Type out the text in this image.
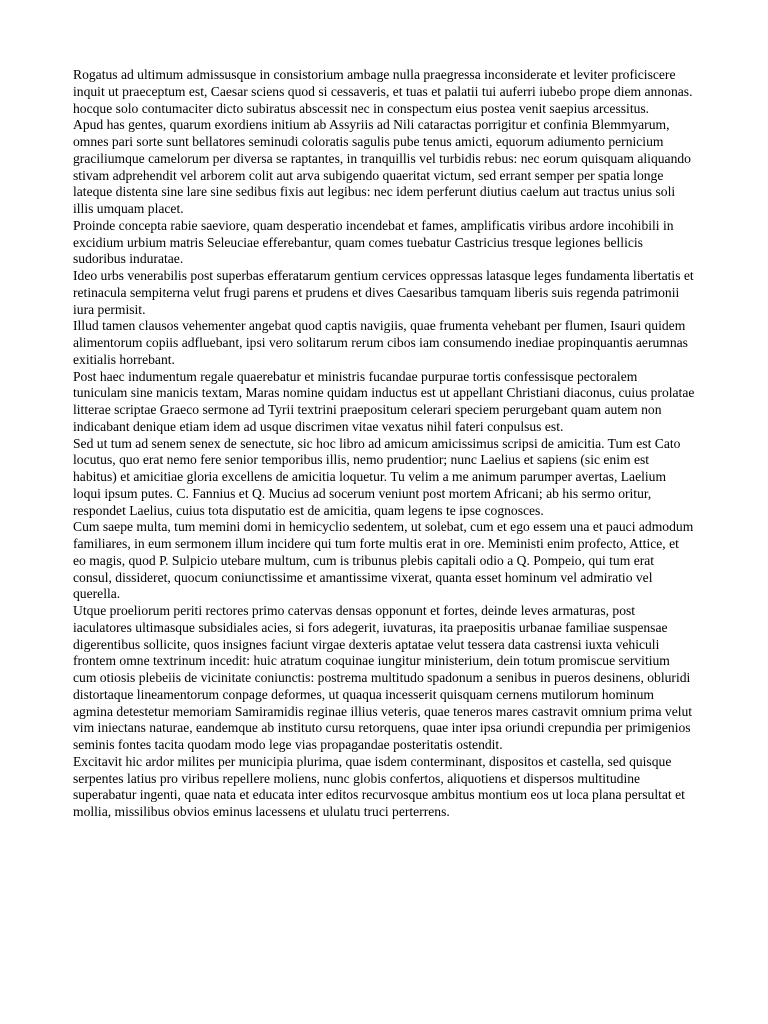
Rogatus ad ultimum admissusque in consistorium ambage nulla praegressa inconsiderate et leviter proficiscere inquit ut praeceptum est, Caesar sciens quod si cessaveris, et tuas et palatii tui auferri iubebo prope diem annonas. hocque solo contumaciter dicto subiratus abscessit nec in conspectum eius postea venit saepius arcessitus.

Apud has gentes, quarum exordiens initium ab Assyriis ad Nili cataractas porrigitur et confinia Blemmyarum, omnes pari sorte sunt bellatores seminudi coloratis sagulis pube tenus amicti, equorum adiumento pernicium graciliumque camelorum per diversa se raptantes, in tranquillis vel turbidis rebus: nec eorum quisquam aliquando stivam adprehendit vel arborem colit aut arva subigendo quaeritat victum, sed errant semper per spatia longe lateque distenta sine lare sine sedibus fixis aut legibus: nec idem perferunt diutius caelum aut tractus unius soli illis umquam placet.

Proinde concepta rabie saeviore, quam desperatio incendebat et fames, amplificatis viribus ardore incohibili in excidium urbium matris Seleuciae efferebantur, quam comes tuebatur Castricius tresque legiones bellicis sudoribus induratae.

Ideo urbs venerabilis post superbas efferatarum gentium cervices oppressas latasque leges fundamenta libertatis et retinacula sempiterna velut frugi parens et prudens et dives Caesaribus tamquam liberis suis regenda patrimonii iura permisit.

Illud tamen clausos vehementer angebat quod captis navigiis, quae frumenta vehebant per flumen, Isauri quidem alimentorum copiis adfluebant, ipsi vero solitarum rerum cibos iam consumendo inediae propinquantis aerumnas exitialis horrebant.

Post haec indumentum regale quaerebatur et ministris fucandae purpurae tortis confessisque pectoralem tuniculam sine manicis textam, Maras nomine quidam inductus est ut appellant Christiani diaconus, cuius prolatae litterae scriptae Graeco sermone ad Tyrii textrini praepositum celerari speciem perurgebant quam autem non indicabant denique etiam idem ad usque discrimen vitae vexatus nihil fateri conpulsus est.

Sed ut tum ad senem senex de senectute, sic hoc libro ad amicum amicissimus scripsi de amicitia. Tum est Cato locutus, quo erat nemo fere senior temporibus illis, nemo prudentior; nunc Laelius et sapiens (sic enim est habitus) et amicitiae gloria excellens de amicitia loquetur. Tu velim a me animum parumper avertas, Laelium loqui ipsum putes. C. Fannius et Q. Mucius ad socerum veniunt post mortem Africani; ab his sermo oritur, respondet Laelius, cuius tota disputatio est de amicitia, quam legens te ipse cognosces.

Cum saepe multa, tum memini domi in hemicyclio sedentem, ut solebat, cum et ego essem una et pauci admodum familiares, in eum sermonem illum incidere qui tum forte multis erat in ore. Meministi enim profecto, Attice, et eo magis, quod P. Sulpicio utebare multum, cum is tribunus plebis capitali odio a Q. Pompeio, qui tum erat consul, dissideret, quocum coniunctissime et amantissime vixerat, quanta esset hominum vel admiratio vel querella.

Utque proeliorum periti rectores primo catervas densas opponunt et fortes, deinde leves armaturas, post iaculatores ultimasque subsidiales acies, si fors adegerit, iuvaturas, ita praepositis urbanae familiae suspensae digerentibus sollicite, quos insignes faciunt virgae dexteris aptatae velut tessera data castrensi iuxta vehiculi frontem omne textrinum incedit: huic atratum coquinae iungitur ministerium, dein totum promiscue servitium cum otiosis plebeiis de vicinitate coniunctis: postrema multitudo spadonum a senibus in pueros desinens, obluridi distortaque lineamentorum conpage deformes, ut quaqua incesserit quisquam cernens mutilorum hominum agmina detestetur memoriam Samiramidis reginae illius veteris, quae teneros mares castravit omnium prima velut vim iniectans naturae, eandemque ab instituto cursu retorquens, quae inter ipsa oriundi crepundia per primigenios seminis fontes tacita quodam modo lege vias propagandae posteritatis ostendit.

Excitavit hic ardor milites per municipia plurima, quae isdem conterminant, dispositos et castella, sed quisque serpentes latius pro viribus repellere moliens, nunc globis confertos, aliquotiens et dispersos multitudine superabatur ingenti, quae nata et educata inter editos recurvosque ambitus montium eos ut loca plana persultat et mollia, missilibus obvios eminus lacessens et ululatu truci perterrens.
